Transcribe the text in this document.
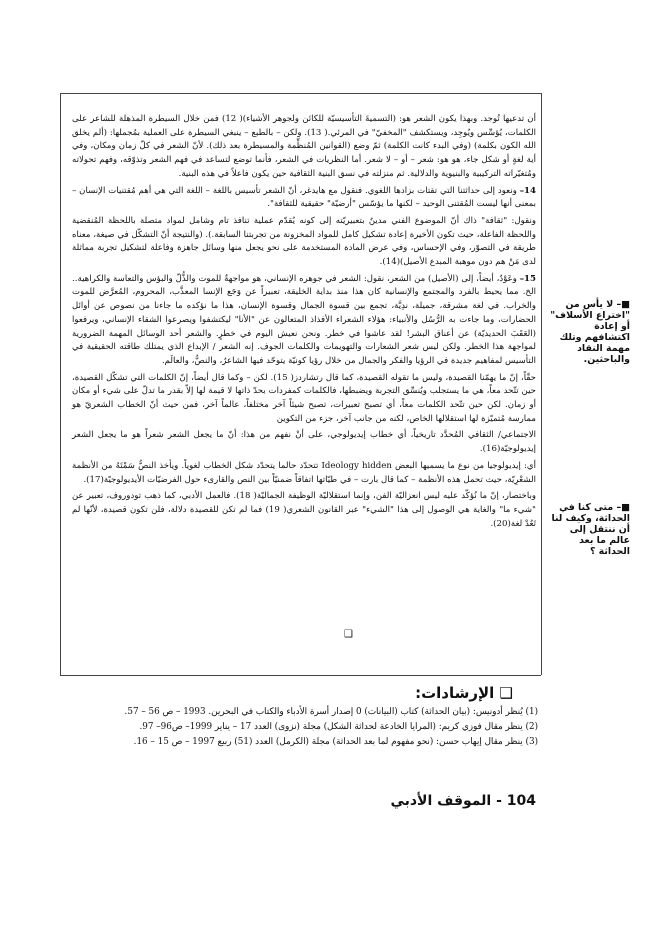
أن تدعيها تُوجد. وبهذا يكون الشعر هو: (التسميةَ التأسيسيّة للكائن ولجوهر الأشياء)( 12) فمن خلال السيطرة المذهلة للشاعر على الكلمات، يُؤسِّس ويُوجِد، ويستكشف "المخفيّ" في المرئي.( 13). ولكن – بالطبع – ينبغي السيطرة على العملية بمُجملها: (ألم يخلق الله الكون بكلمة) (وفي البدء كانت الكلمة) ثمّ وضع (القوانين المُنظِّمة والمسيطرة بعد ذلك). لأنّ الشعر في كلّ زمان ومكان، وفي أية لغةٍ أو شكل جاء، هو هو: شعر – أو – لا شعر. أما النظريات في الشعر، فأنما توضع لتساعد في فهم الشعر وتذوّقه، وفهم تحولاته ومُتغيّراته التركيبية والبنيوية والدلالية. ثم منزلته في نسق البنية الثقافية حين يكون فاعلاً في هذه البنية.

14– ونعود إلى حداثتنا التي تقتات بزادها اللغوي. فنقول مع هايدغر، أنّ الشعر تأسيس باللغة – اللغة التي هي أهم مُقتنيات الإنسان – بمعنى أنها ليست المُقتنى الوحيد – لكنها ما يؤسّس "أرضيّة" حقيقية للثقافة".

ونقول: "ثقافة" ذاك أنّ الموضوع الفني مدينٌ بتعبيريّته إلى كونه يُقدّم عملية تنافذ تام وشامل لمواد متصلة باللحظة المُنقضية واللحظة الفاعلة، حيث تكون الأخيرة إعادة تشكيل كامل للمواد المخزونة من تجربتنا السابقة.). (والنتيجة أنّ التشكّل في صيغة، معناه طريقة في التصوّر، وفي الإحساس، وفي عرض المادة المستخدمة على نحو يجعل منها وسائل جاهزة وفاعلة لتشكيل تجربة مماثلة لدى مَنْ هم دون موهبة المبدع الأصيل)(14).

15– وعَوْدٌ، أيضاً، إلى (الأصيل) من الشعر، نقول: الشعر في جوهره الإنساني، هو مواجهةٌ للموت والذُّلّ والبؤس والتعاسة والكراهية.. الخ. مما يحيط بالفرد والمجتمع والإنسانية كان هذا منذ بداية الخليقة، تعبيراً عن وَجَع الإنسا المعذَّب، المحروم، المُعرَّض للموت والخراب. في لغة مشرقة، جميلة، ندِيَّة، تجمع بين قسوة الجمال وقسوة الإنسان، هذا ما نؤكده ما جاءنا من نصوص عن أوائل الحضارات، وما جاءت به الرُّسُل والأنبياء: هؤلاء الشعراء الأفذاذ المتعالون عن "الأنا" ليكتشفوا ويصرعوا الشقاء الإنساني، ويرفعوا (العَقَبَ الحديديّة) عن أعناق البشر! لقد عاشوا في خطر. ونحن نعيش اليوم في خطرٍ. والشعر أحد الوسائل المهمة الضرورية لمواجهة هذا الخطر. ولكن ليس شعر الشعارات والتهويمات والكلمات الجوف. إنه الشعر / الإبداع الذي يمتلك طاقته الحقيقية في التأسيس لمفاهيم جديدة في الرؤيا والفكر والجمال من خلال رؤيا كونيّة يتوحّد فيها الشاعرُ، والنصُّ، والعالَم.

حقّاً، إنّ ما يهمّنا القصيدة، وليس ما تقوله القصيدة، كما قال رتشاردز( 15). لكن – وكما قال أيضاً، إنّ الكلمات التي تشكّل القصيدة، حين تتّحد معاً، هي ما يستجلب ويُنسِّق التجربة ويضبطها، فالكلمات كمفردات بحدّ ذاتها لا قيمة لها إلاّ بقدر ما تدلّ على شيء أو مكان أو زمان. لكن حين تتّحد الكلمات معاً، أي تصبح تعبيرات، تصبح شيئاً آخر مختلفاً، عالماً آخر، فمن حيث أنّ الخطاب الشعريّ هو ممارسة مُتميّزة لها استقلالها الخاص، لكنه من جانب آخر، جزء من التكوين

الاجتماعي/ الثقافي المُحدَّد تاريخياً، أي خطاب إيديولوجي، على أنْ نفهم من هذا: أنّ ما يجعل الشعر شعراً هو ما يجعل الشعر إيديولوجيّة(16).

أي: إيديولوجيا من نوع ما يسميها البعض Ideology hidden تتحدّد حالما يتحدّد شكل الخطاب لغوياً. ويأخذ النصُّ سَمْتَهُ من الأنظمة الشعْرِيّة، حيث تحمل هذه الأنظمة – كما قال بارت – في طيّاتها اتفاقاً ضمنيّاً بين النص والقارىء حول الفرضيّات الأيديولوجيّة(17).

وباختصار، إنّ ما نُؤكّد عليه ليس انعزاليّة الفن، وإنما استقلاليّة الوظيفة الجماليّة( 18). فالعمل الأدبي، كما ذهب تودوروف، تعبير عن "شيء ما" والغاية هي الوصول إلى هذا "الشيء" عبر القانون الشعري( 19) فما لم تكن للقصيدة دلالة، فلن تكون قصيدة، لأنّها لم تَعُدْ لغة(20).

❑
■– لا يأس من "اختراع الأسلاف" أو إعادة اكتشافهم وتلك مهمة النقاد والباحثين.
■– متى كنا في الحداثة، وكيف لنا أن ننتقل إلى عالم ما بعد الحداثة ؟
❑ الإرشادات:
(1) يُنظر أدونيس: (بيان الحداثة) كتاب (البيانات) 0 إصدار أسرة الأدباء والكتاب في البحرين. 1993 – ص 56 – 57.
(2) ينظر مقال فوزي كريم: (المرايا الخادعة لحداثة الشكل) مجلة (نزوى) العدد 17 – يناير 1999– ص96– 97.
(3) ينظر مقال إيهاب حسن: (نحو مفهوم لما بعد الحداثة) مجلة (الكرمل) العدد (51) ربيع 1997 – ص 15 – 16.
104 - الموقف الأدبي
